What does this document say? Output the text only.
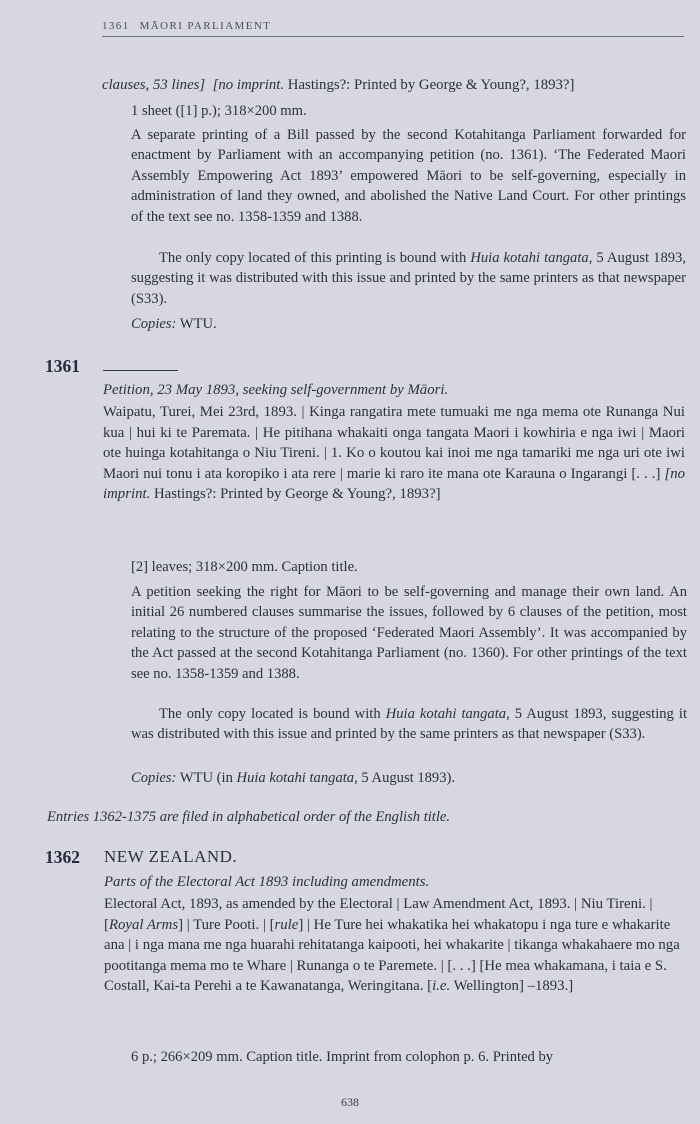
1361 MĀORI PARLIAMENT

clauses, 53 lines] [no imprint. Hastings?: Printed by George & Young?, 1893?]

1 sheet ([1] p.); 318×200 mm.

A separate printing of a Bill passed by the second Kotahitanga Parliament forwarded for enactment by Parliament with an accompanying petition (no. 1361). ‘The Federated Maori Assembly Empowering Act 1893’ empowered Māori to be self-governing, especially in administration of land they owned, and abolished the Native Land Court. For other printings of the text see no. 1358-1359 and 1388.

The only copy located of this printing is bound with Huia kotahi tangata, 5 August 1893, suggesting it was distributed with this issue and printed by the same printers as that newspaper (S33).

Copies: WTU.

1361

Petition, 23 May 1893, seeking self-government by Māori.

Waipatu, Turei, Mei 23rd, 1893. | Kinga rangatira mete tumuaki me nga mema ote Runanga Nui kua | hui ki te Paremata. | He pitihana whakaiti onga tangata Maori i kowhiria e nga iwi | Maori ote huinga kotahitanga o Niu Tireni. | 1. Ko o koutou kai inoi me nga tamariki me nga uri ote iwi Maori nui tonu i ata koropiko i ata rere | marie ki raro ite mana ote Karauna o Ingarangi [. . .] [no imprint. Hastings?: Printed by George & Young?, 1893?]

[2] leaves; 318×200 mm. Caption title.

A petition seeking the right for Māori to be self-governing and manage their own land. An initial 26 numbered clauses summarise the issues, followed by 6 clauses of the petition, most relating to the structure of the proposed ‘Federated Maori Assembly’. It was accompanied by the Act passed at the second Kotahitanga Parliament (no. 1360). For other printings of the text see no. 1358-1359 and 1388.

The only copy located is bound with Huia kotahi tangata, 5 August 1893, suggesting it was distributed with this issue and printed by the same printers as that newspaper (S33).

Copies: WTU (in Huia kotahi tangata, 5 August 1893).

Entries 1362-1375 are filed in alphabetical order of the English title.

1362 NEW ZEALAND.

Parts of the Electoral Act 1893 including amendments.

Electoral Act, 1893, as amended by the Electoral | Law Amendment Act, 1893. | Niu Tireni. | [Royal Arms] | Ture Pooti. | [rule] | He Ture hei whakatika hei whakatopu i nga ture e whakarite ana | i nga mana me nga huarahi rehitatanga kaipooti, hei whakarite | tikanga whakahaere mo nga pootitanga mema mo te Whare | Runanga o te Paremete. | [. . .] [He mea whakamana, i taia e S. Costall, Kai-ta Perehi a te Kawanatanga, Weringitana. [i.e. Wellington] –1893.]

6 p.; 266×209 mm. Caption title. Imprint from colophon p. 6. Printed by

638
